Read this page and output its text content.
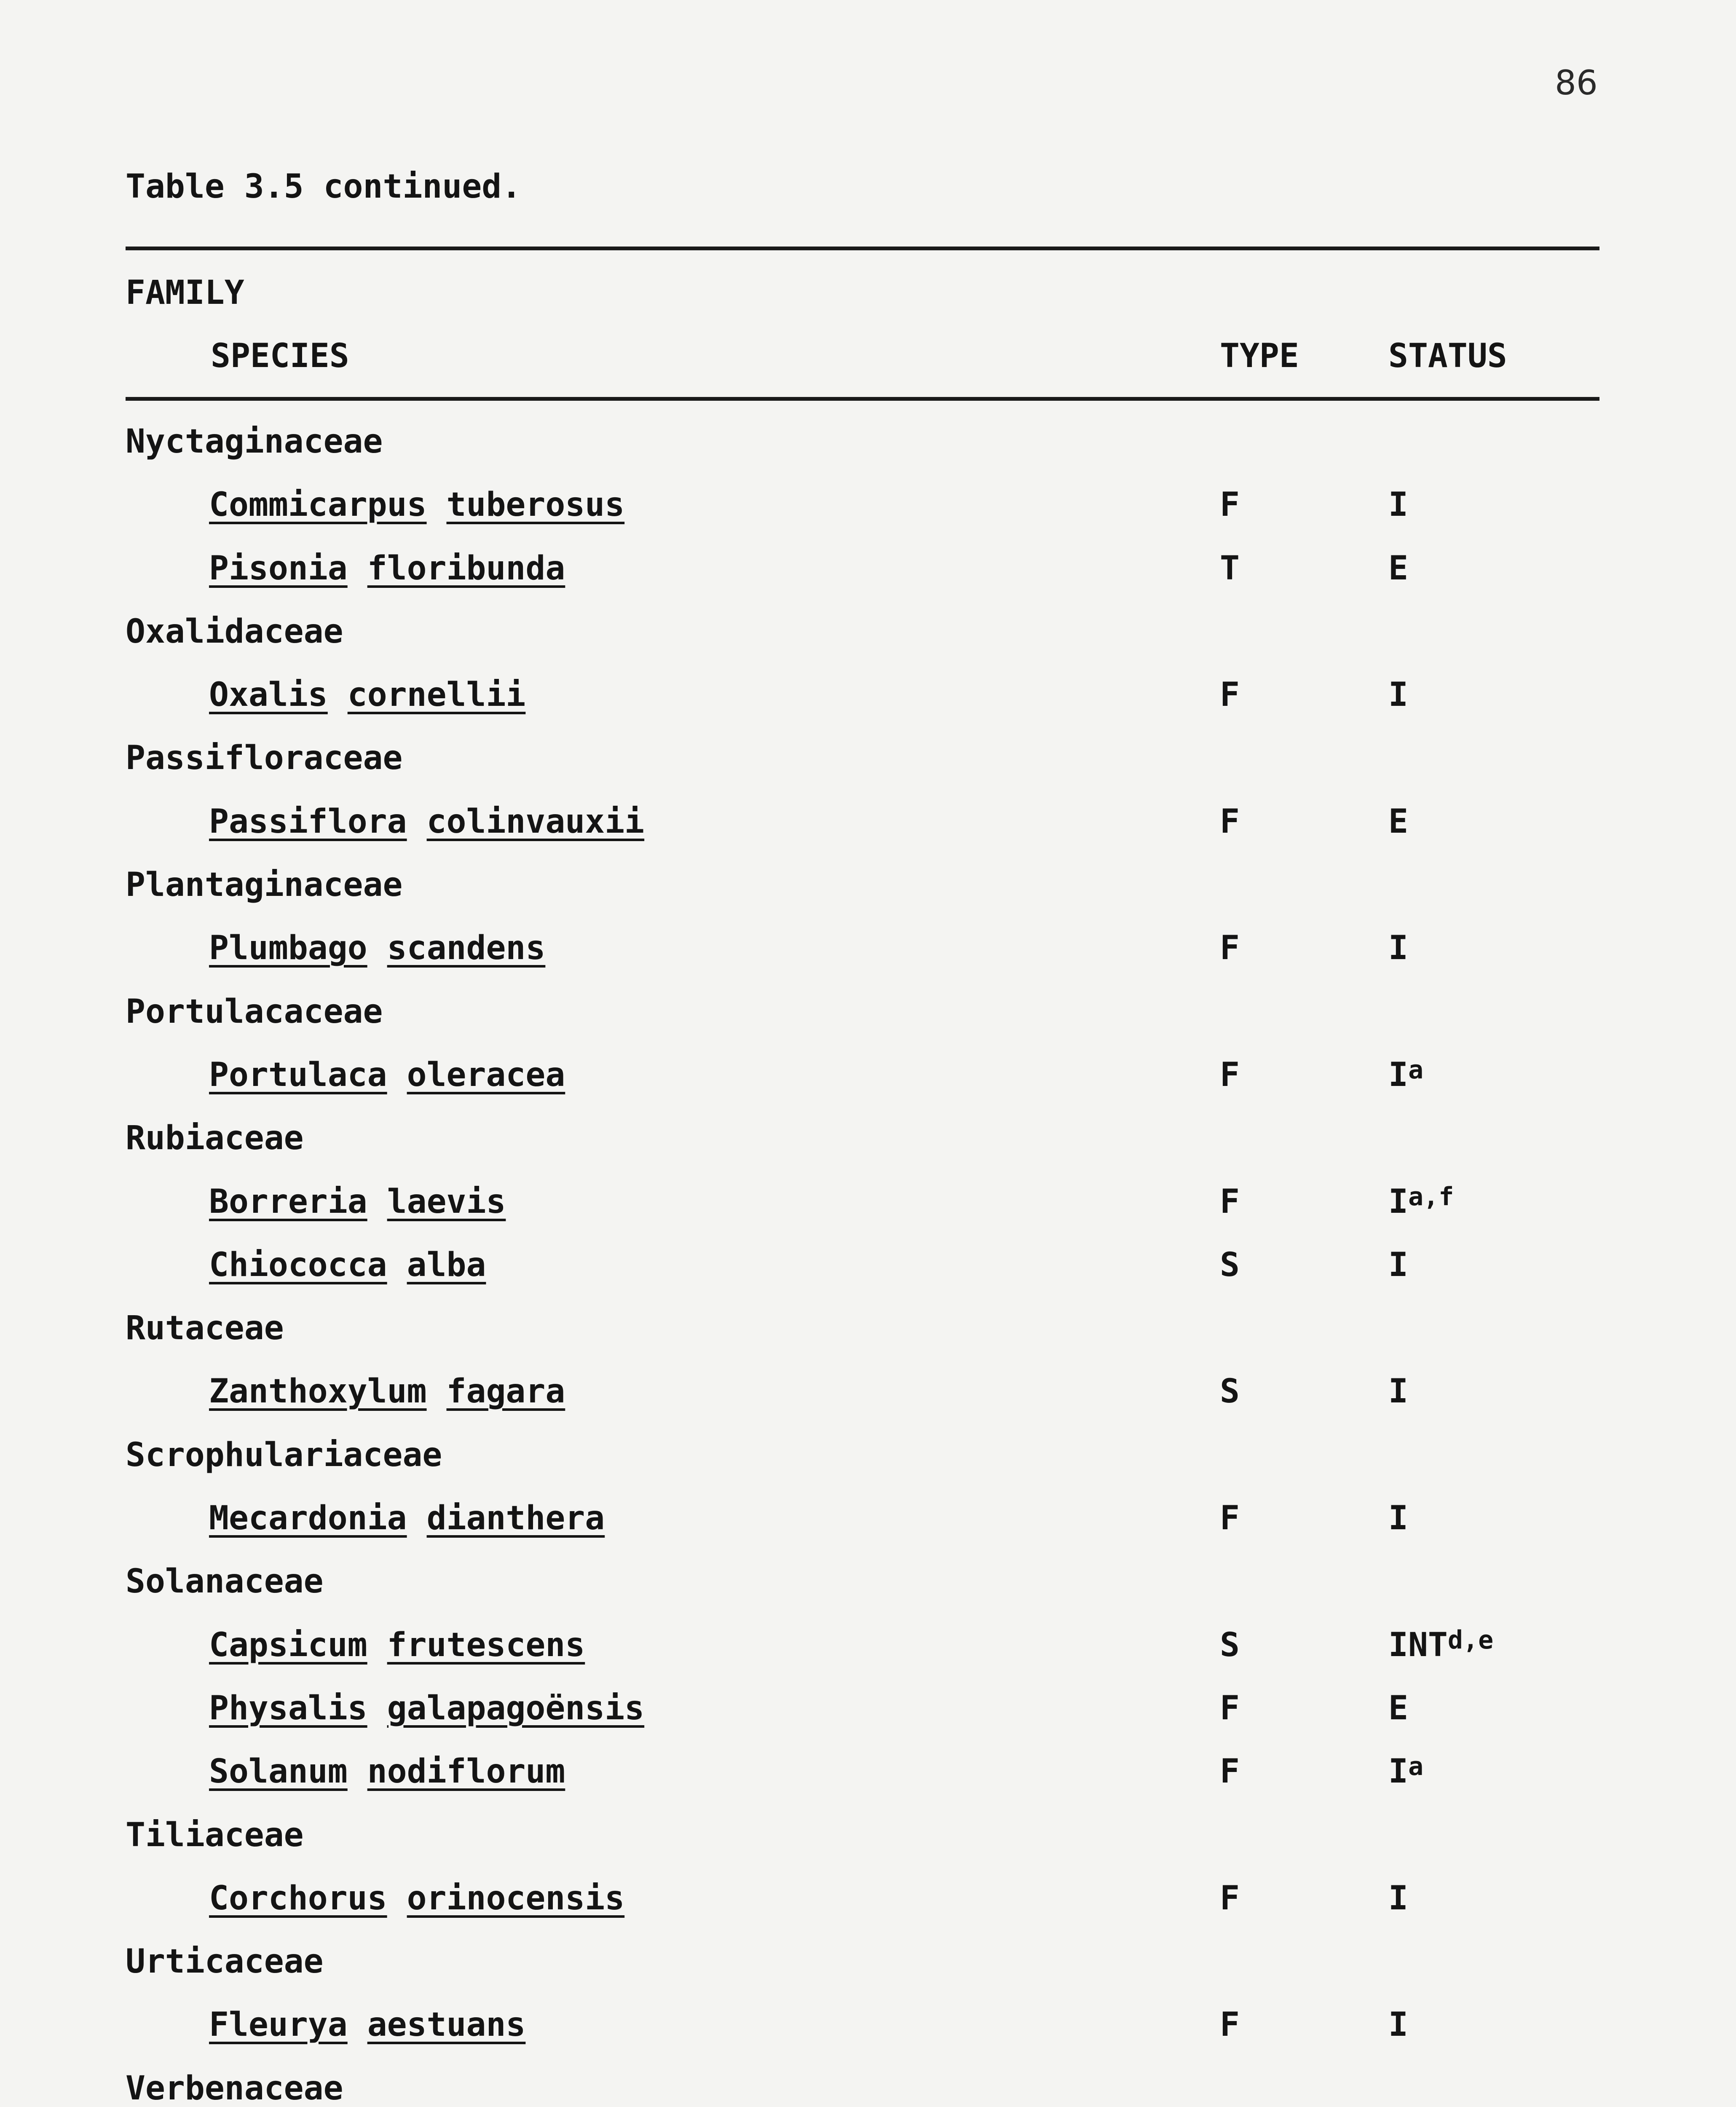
86
Table 3.5 continued.
FAMILY
SPECIES	TYPE	STATUS
Nyctaginaceae
Commicarpus tuberosus	F	I
Pisonia floribunda	T	E
Oxalidaceae
Oxalis cornellii	F	I
Passifloraceae
Passiflora colinvauxii	F	E
Plantaginaceae
Plumbago scandens	F	I
Portulacaceae
Portulaca oleracea	F	$I^a$
Rubiaceae
Borreria laevis	F	I$^{a,f}$
Chiococca alba	S	I
Rutaceae
Zanthoxylum fagara	S	I
Scrophulariaceae
Mecardonia dianthera	F	I
Solanaceae
Capsicum frutescens	S	INT$^{d,e}$
Physalis galapagoënsis	F	E
Solanum nodiflorum	F	$I^a$
Tiliaceae
Corchorus orinocensis	F	I
Urticaceae
Fleurya aestuans	F	I
Verbenaceae
